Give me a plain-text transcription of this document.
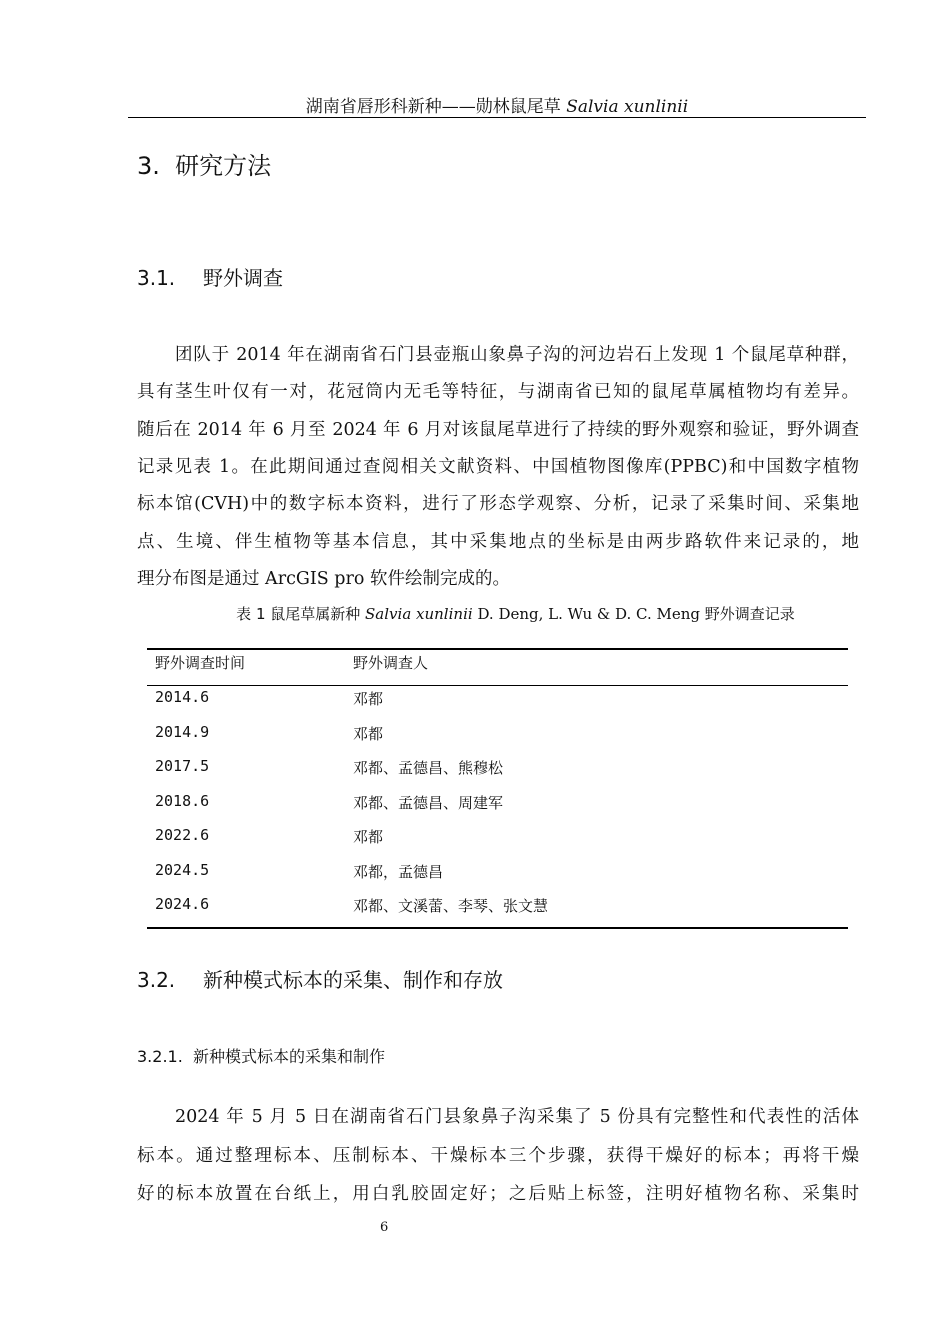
湖南省唇形科新种——勋林鼠尾草 Salvia xunlinii
3. 研究方法
3.1. 野外调查
团队于 2014 年在湖南省石门县壶瓶山象鼻子沟的河边岩石上发现 1 个鼠尾草种群，
具有茎生叶仅有一对，花冠筒内无毛等特征，与湖南省已知的鼠尾草属植物均有差异。
随后在 2014 年 6 月至 2024 年 6 月对该鼠尾草进行了持续的野外观察和验证，野外调查
记录见表 1。在此期间通过查阅相关文献资料、中国植物图像库(PPBC)和中国数字植物
标本馆(CVH)中的数字标本资料，进行了形态学观察、分析，记录了采集时间、采集地
点、生境、伴生植物等基本信息，其中采集地点的坐标是由两步路软件来记录的，地
理分布图是通过 ArcGIS pro 软件绘制完成的。
表 1 鼠尾草属新种 Salvia xunlinii D. Deng, L. Wu & D. C. Meng 野外调查记录
野外调查时间	野外调查人
2014.6	邓都
2014.9	邓都
2017.5	邓都、孟德昌、熊穆松
2018.6	邓都、孟德昌、周建军
2022.6	邓都
2024.5	邓都，孟德昌
2024.6	邓都、文溪蕾、李琴、张文慧
3.2. 新种模式标本的采集、制作和存放
3.2.1. 新种模式标本的采集和制作
2024 年 5 月 5 日在湖南省石门县象鼻子沟采集了 5 份具有完整性和代表性的活体
标本。通过整理标本、压制标本、干燥标本三个步骤，获得干燥好的标本；再将干燥
好的标本放置在台纸上，用白乳胶固定好；之后贴上标签，注明好植物名称、采集时
6
